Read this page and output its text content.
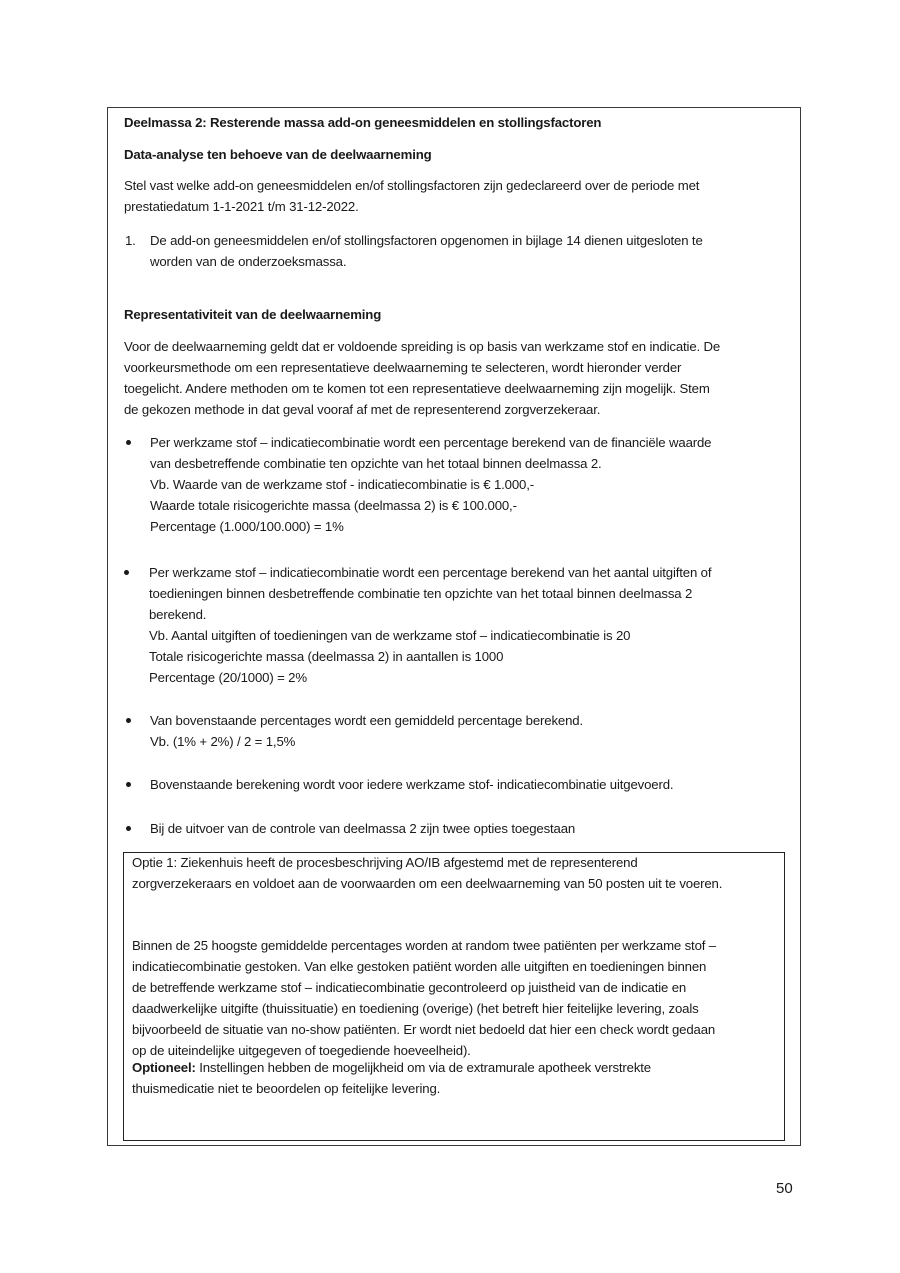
Deelmassa 2: Resterende massa add-on geneesmiddelen en stollingsfactoren
Data-analyse ten behoeve van de deelwaarneming
Stel vast welke add-on geneesmiddelen en/of stollingsfactoren zijn gedeclareerd over de periode met
prestatiedatum 1-1-2021 t/m 31-12-2022.
1. De add-on geneesmiddelen en/of stollingsfactoren opgenomen in bijlage 14 dienen uitgesloten te
worden van de onderzoeksmassa.
Representativiteit van de deelwaarneming
Voor de deelwaarneming geldt dat er voldoende spreiding is op basis van werkzame stof en indicatie. De
voorkeursmethode om een representatieve deelwaarneming te selecteren, wordt hieronder verder
toegelicht. Andere methoden om te komen tot een representatieve deelwaarneming zijn mogelijk. Stem
de gekozen methode in dat geval vooraf af met de representerend zorgverzekeraar.
Per werkzame stof – indicatiecombinatie wordt een percentage berekend van de financiële waarde
van desbetreffende combinatie ten opzichte van het totaal binnen deelmassa 2.
Vb. Waarde van de werkzame stof - indicatiecombinatie is € 1.000,-
Waarde totale risicogerichte massa (deelmassa 2) is € 100.000,-
Percentage (1.000/100.000) = 1%
Per werkzame stof – indicatiecombinatie wordt een percentage berekend van het aantal uitgiften of
toedieningen binnen desbetreffende combinatie ten opzichte van het totaal binnen deelmassa 2
berekend.
Vb. Aantal uitgiften of toedieningen van de werkzame stof – indicatiecombinatie is 20
Totale risicogerichte massa (deelmassa 2) in aantallen is 1000
Percentage (20/1000) = 2%
Van bovenstaande percentages wordt een gemiddeld percentage berekend.
Vb. (1% + 2%) / 2 = 1,5%
Bovenstaande berekening wordt voor iedere werkzame stof- indicatiecombinatie uitgevoerd.
Bij de uitvoer van de controle van deelmassa 2 zijn twee opties toegestaan
Optie 1: Ziekenhuis heeft de procesbeschrijving AO/IB afgestemd met de representerend
zorgverzekeraars en voldoet aan de voorwaarden om een deelwaarneming van 50 posten uit te voeren.
Binnen de 25 hoogste gemiddelde percentages worden at random twee patiënten per werkzame stof –
indicatiecombinatie gestoken. Van elke gestoken patiënt worden alle uitgiften en toedieningen binnen
de betreffende werkzame stof – indicatiecombinatie gecontroleerd op juistheid van de indicatie en
daadwerkelijke uitgifte (thuissituatie) en toediening (overige) (het betreft hier feitelijke levering, zoals
bijvoorbeeld de situatie van no-show patiënten. Er wordt niet bedoeld dat hier een check wordt gedaan
op de uiteindelijke uitgegeven of toegediende hoeveelheid).
Optioneel: Instellingen hebben de mogelijkheid om via de extramurale apotheek verstrekte
thuismedicatie niet te beoordelen op feitelijke levering.
50
